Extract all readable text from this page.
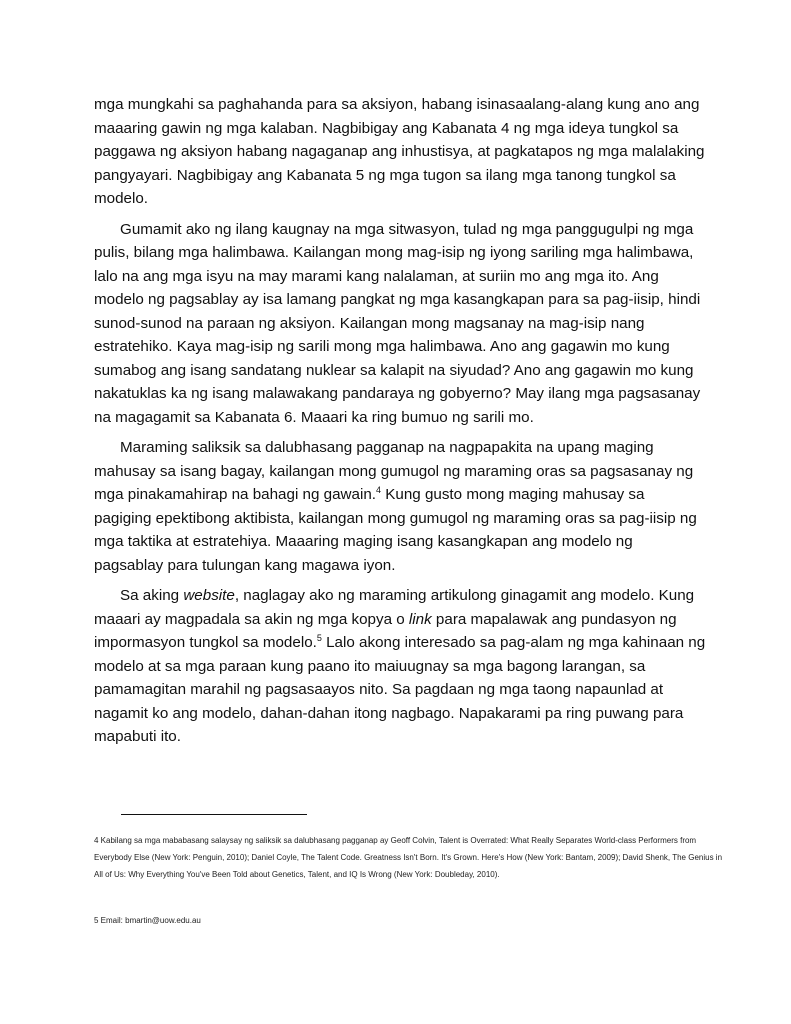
mga mungkahi sa paghahanda para sa aksiyon, habang isinasaalang-alang kung ano ang maaaring gawin ng mga kalaban. Nagbibigay ang Kabanata 4 ng mga ideya tungkol sa paggawa ng aksiyon habang nagaganap ang inhustisya, at pagkatapos ng mga malalaking pangyayari. Nagbibigay ang Kabanata 5 ng mga tugon sa ilang mga tanong tungkol sa modelo.

Gumamit ako ng ilang kaugnay na mga sitwasyon, tulad ng mga panggugulpi ng mga pulis, bilang mga halimbawa. Kailangan mong mag-isip ng iyong sariling mga halimbawa, lalo na ang mga isyu na may marami kang nalalaman, at suriin mo ang mga ito. Ang modelo ng pagsablay ay isa lamang pangkat ng mga kasangkapan para sa pag-iisip, hindi sunod-sunod na paraan ng aksiyon. Kailangan mong magsanay na mag-isip nang estratehiko. Kaya mag-isip ng sarili mong mga halimbawa. Ano ang gagawin mo kung sumabog ang isang sandatang nuklear sa kalapit na siyudad? Ano ang gagawin mo kung nakatuklas ka ng isang malawakang pandaraya ng gobyerno? May ilang mga pagsasanay na magagamit sa Kabanata 6. Maaari ka ring bumuo ng sarili mo.

Maraming saliksik sa dalubhasang pagganap na nagpapakita na upang maging mahusay sa isang bagay, kailangan mong gumugol ng maraming oras sa pagsasanay ng mga pinakamahirap na bahagi ng gawain.$^4$ Kung gusto mong maging mahusay sa pagiging epektibong aktibista, kailangan mong gumugol ng maraming oras sa pag-iisip ng mga taktika at estratehiya. Maaaring maging isang kasangkapan ang modelo ng pagsablay para tulungan kang magawa iyon.

Sa aking website, naglagay ako ng maraming artikulong ginagamit ang modelo. Kung maaari ay magpadala sa akin ng mga kopya o link para mapalawak ang pundasyon ng impormasyon tungkol sa modelo.$^5$ Lalo akong interesado sa pag-alam ng mga kahinaan ng modelo at sa mga paraan kung paano ito maiuugnay sa mga bagong larangan, sa pamamagitan marahil ng pagsasaayos nito. Sa pagdaan ng mga taong napaunlad at nagamit ko ang modelo, dahan-dahan itong nagbago. Napakarami pa ring puwang para mapabuti ito.

4 Kabilang sa mga mababasang salaysay ng saliksik sa dalubhasang pagganap ay Geoff Colvin, Talent is Overrated: What Really Separates World-class Performers from Everybody Else (New York: Penguin, 2010); Daniel Coyle, The Talent Code. Greatness Isn't Born. It's Grown. Here's How (New York: Bantam, 2009); David Shenk, The Genius in All of Us: Why Everything You've Been Told about Genetics, Talent, and IQ Is Wrong (New York: Doubleday, 2010).

5 Email: bmartin@uow.edu.au
